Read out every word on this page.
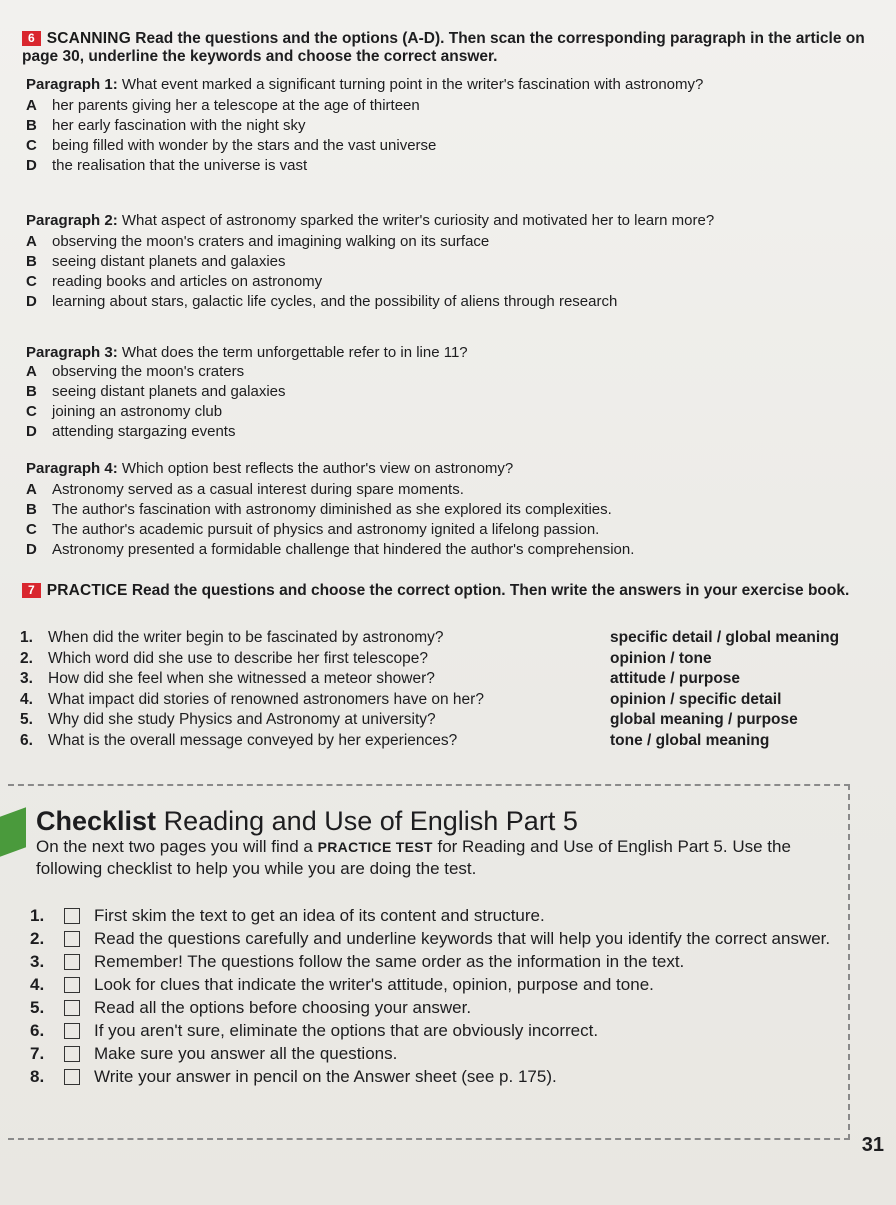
6 SCANNING Read the questions and the options (A-D). Then scan the corresponding paragraph in the article on page 30, underline the keywords and choose the correct answer.
Paragraph 1: What event marked a significant turning point in the writer's fascination with astronomy?
A	her parents giving her a telescope at the age of thirteen
B	her early fascination with the night sky
C	being filled with wonder by the stars and the vast universe
D	the realisation that the universe is vast
Paragraph 2: What aspect of astronomy sparked the writer's curiosity and motivated her to learn more?
A	observing the moon's craters and imagining walking on its surface
B	seeing distant planets and galaxies
C	reading books and articles on astronomy
D	learning about stars, galactic life cycles, and the possibility of aliens through research
Paragraph 3: What does the term unforgettable refer to in line 11?
A	observing the moon's craters
B	seeing distant planets and galaxies
C	joining an astronomy club
D	attending stargazing events
Paragraph 4: Which option best reflects the author's view on astronomy?
A	Astronomy served as a casual interest during spare moments.
B	The author's fascination with astronomy diminished as she explored its complexities.
C	The author's academic pursuit of physics and astronomy ignited a lifelong passion.
D	Astronomy presented a formidable challenge that hindered the author's comprehension.
7 PRACTICE Read the questions and choose the correct option. Then write the answers in your exercise book.
1. When did the writer begin to be fascinated by astronomy?	specific detail / global meaning
2. Which word did she use to describe her first telescope?	opinion / tone
3. How did she feel when she witnessed a meteor shower?	attitude / purpose
4. What impact did stories of renowned astronomers have on her?	opinion / specific detail
5. Why did she study Physics and Astronomy at university?	global meaning / purpose
6. What is the overall message conveyed by her experiences?	tone / global meaning
Checklist Reading and Use of English Part 5
On the next two pages you will find a PRACTICE TEST for Reading and Use of English Part 5. Use the following checklist to help you while you are doing the test.
1.	First skim the text to get an idea of its content and structure.
2.	Read the questions carefully and underline keywords that will help you identify the correct answer.
3.	Remember! The questions follow the same order as the information in the text.
4.	Look for clues that indicate the writer's attitude, opinion, purpose and tone.
5.	Read all the options before choosing your answer.
6.	If you aren't sure, eliminate the options that are obviously incorrect.
7.	Make sure you answer all the questions.
8.	Write your answer in pencil on the Answer sheet (see p. 175).
31
